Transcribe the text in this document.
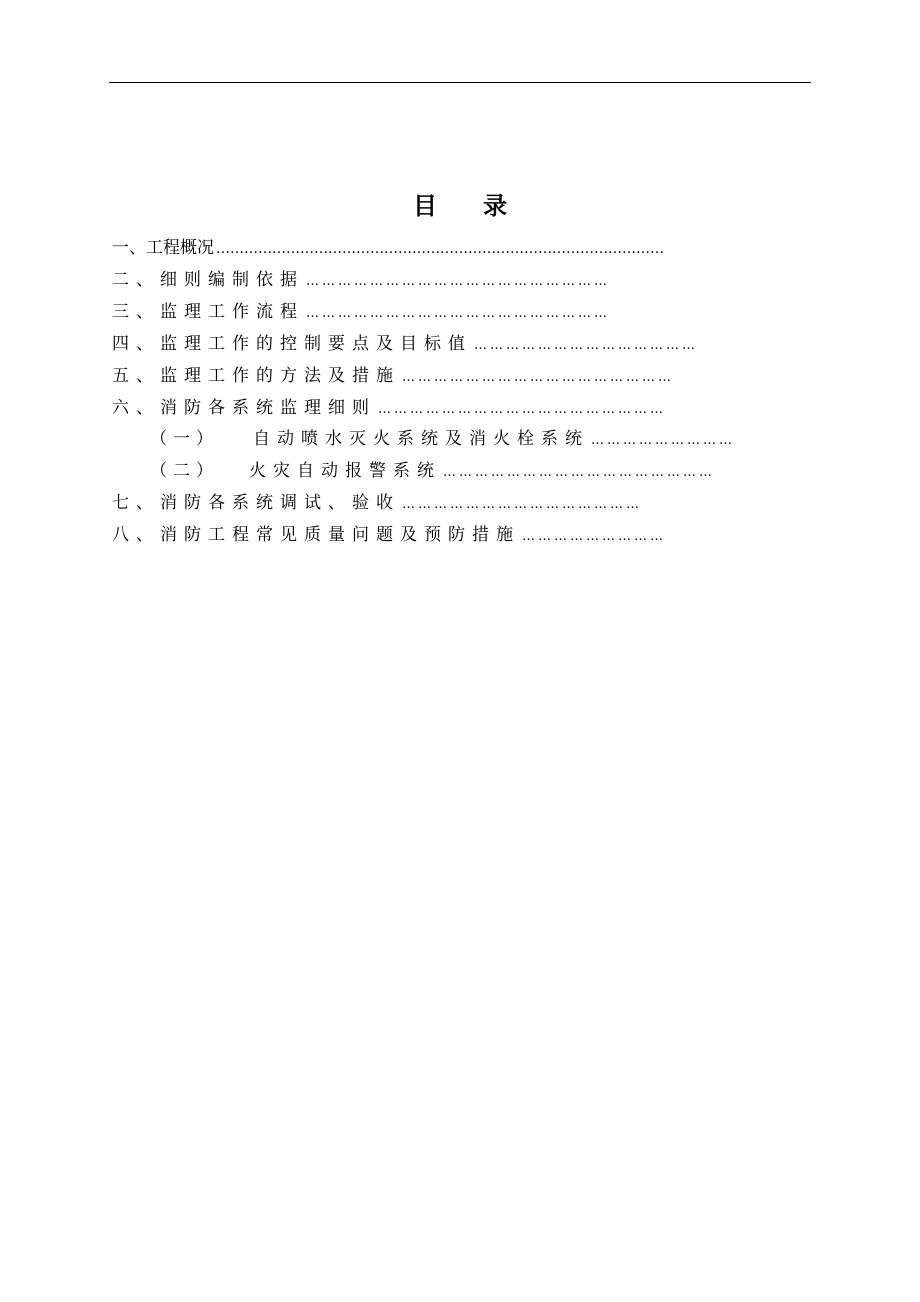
目录
一、工程概况 ……………………………………………………………………………………
二、细则编制依据 …………………………………………………
三、监理工作流程 …………………………………………………
四、监理工作的控制要点及目标值 ……………………………………
五、监理工作的方法及措施 ……………………………………………
六、消防各系统监理细则 ………………………………………………
（一） 自动喷水灭火系统及消火栓系统 ………………………
（二） 火灾自动报警系统 ……………………………………………
七、消防各系统调试、验收 ………………………………………
八、消防工程常见质量问题及预防措施 ………………………
